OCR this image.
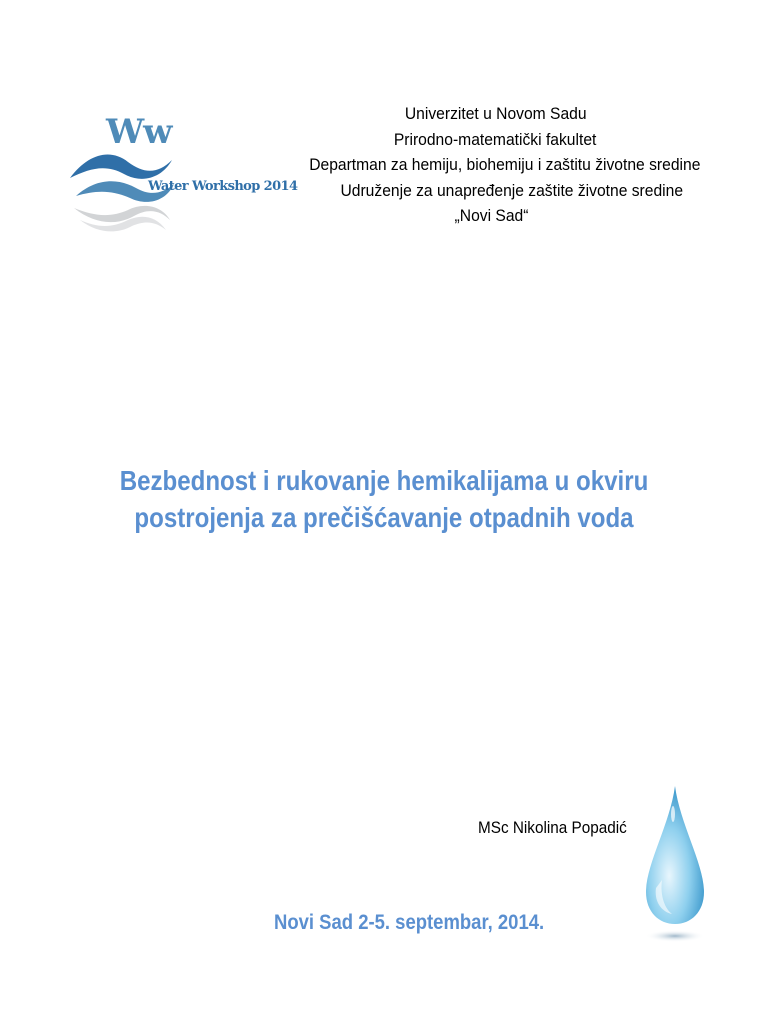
Ww
Water Workshop 2014
Univerzitet u Novom Sadu
Prirodno-matematički fakultet
Departman za hemiju, biohemiju i zaštitu životne sredine
Udruženje za unapređenje zaštite životne sredine
„Novi Sad“
Bezbednost i rukovanje hemikalijama u okviru
postrojenja za prečišćavanje otpadnih voda
MSc Nikolina Popadić
Novi Sad 2-5. septembar, 2014.
